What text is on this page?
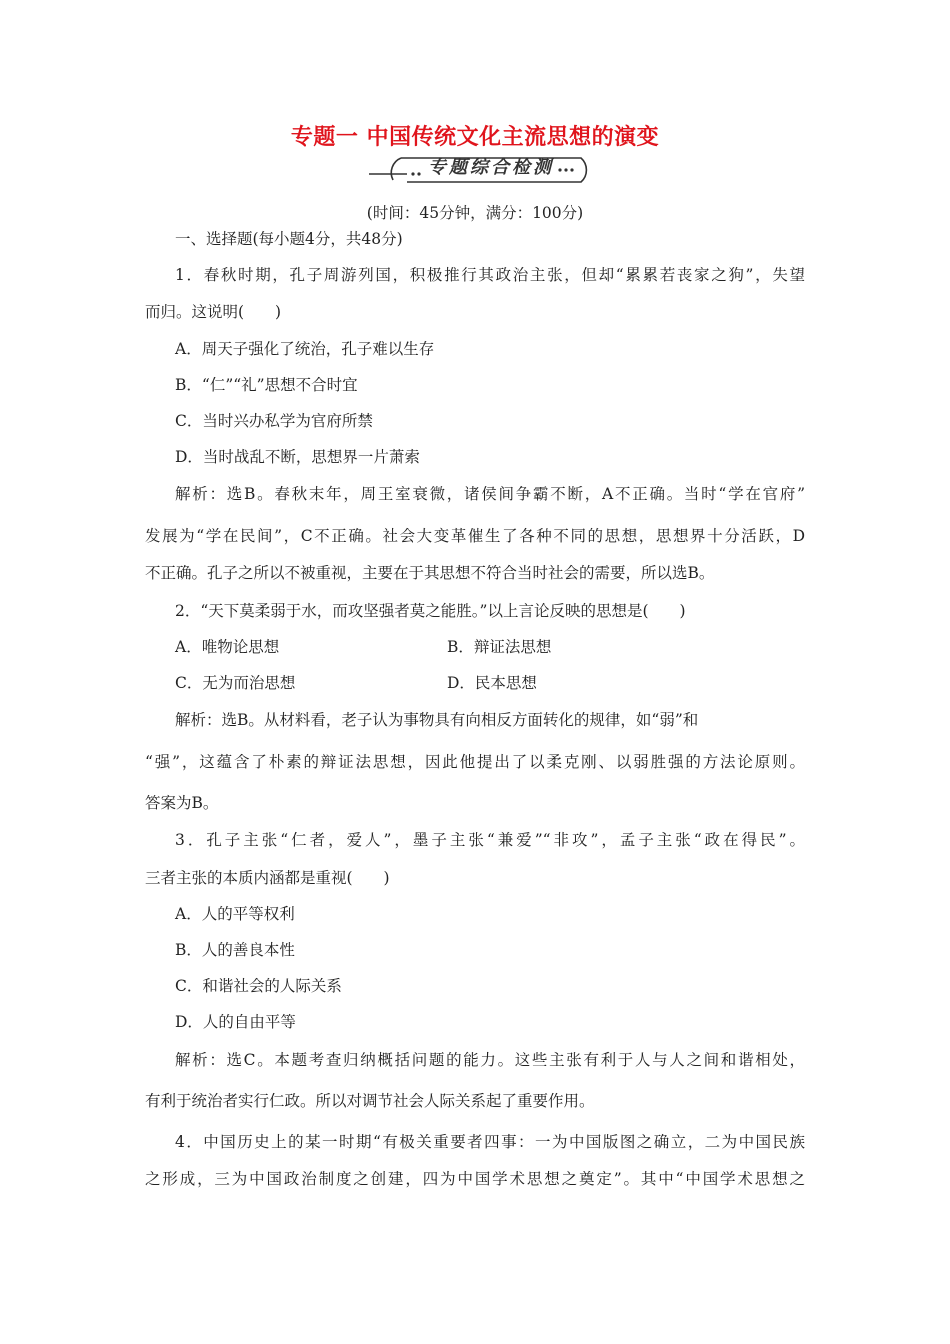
专题一 中国传统文化主流思想的演变
专题综合检测
(时间：45分钟，满分：100分)
一、选择题(每小题4分，共48分)
1．春秋时期，孔子周游列国，积极推行其政治主张，但却“累累若丧家之狗”，失望
而归。这说明(　　)
A．周天子强化了统治，孔子难以生存
B．“仁”“礼”思想不合时宜
C．当时兴办私学为官府所禁
D．当时战乱不断，思想界一片萧索
解析：选B。春秋末年，周王室衰微，诸侯间争霸不断，A不正确。当时“学在官府”
发展为“学在民间”，C不正确。社会大变革催生了各种不同的思想，思想界十分活跃，D
不正确。孔子之所以不被重视，主要在于其思想不符合当时社会的需要，所以选B。
2．“天下莫柔弱于水，而攻坚强者莫之能胜。”以上言论反映的思想是(　　)
A．唯物论思想	B．辩证法思想
C．无为而治思想	D．民本思想
解析：选B。从材料看，老子认为事物具有向相反方面转化的规律，如“弱”和
“强”，这蕴含了朴素的辩证法思想，因此他提出了以柔克刚、以弱胜强的方法论原则。
答案为B。
3．孔子主张“仁者，爱人”，墨子主张“兼爱”“非攻”，孟子主张“政在得民”。
三者主张的本质内涵都是重视(　　)
A．人的平等权利
B．人的善良本性
C．和谐社会的人际关系
D．人的自由平等
解析：选C。本题考查归纳概括问题的能力。这些主张有利于人与人之间和谐相处，
有利于统治者实行仁政。所以对调节社会人际关系起了重要作用。
4．中国历史上的某一时期“有极关重要者四事：一为中国版图之确立，二为中国民族
之形成，三为中国政治制度之创建，四为中国学术思想之奠定”。其中“中国学术思想之
